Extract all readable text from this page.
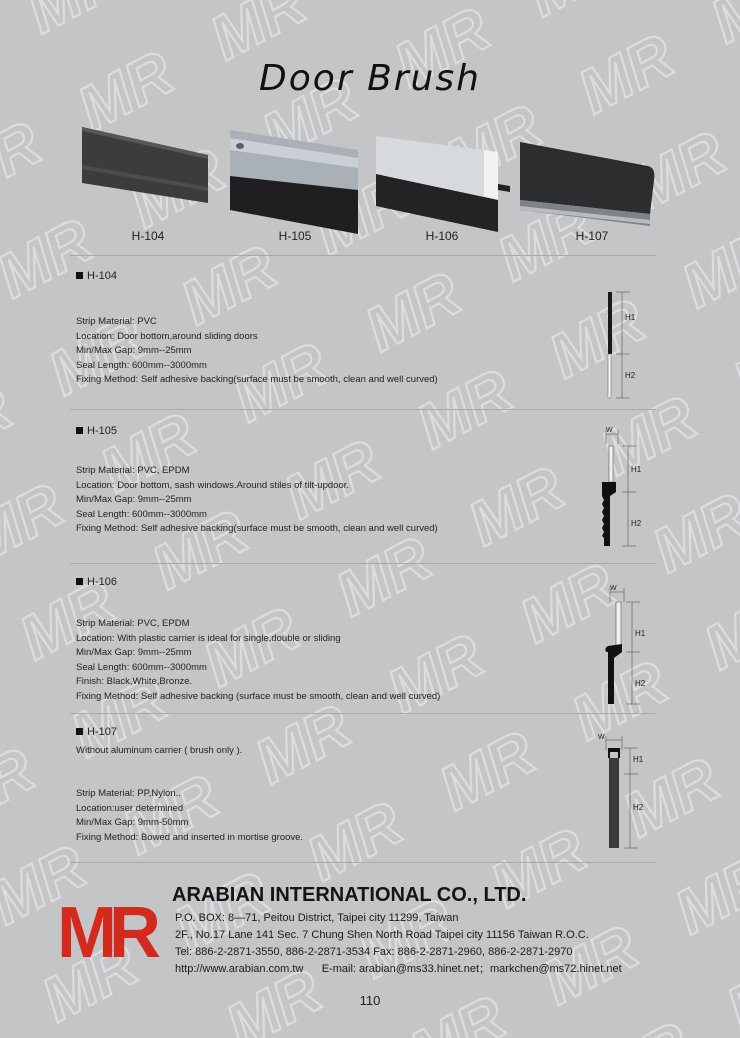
Door Brush
H-104	H-105	H-106	H-107
H-104
Strip Material: PVC
Location: Door bottom,around sliding doors
Min/Max Gap: 9mm--25mm
Seal Length: 600mm--3000mm
Fixing Method: Self adhesive backing(surface must be smooth, clean and well curved)
H1
H2
H-105
Strip Material: PVC, EPDM
Location: Door bottom, sash windows.Around stiles of tilt-updoor.
Min/Max Gap: 9mm--25mm
Seal Length: 600mm--3000mm
Fixing Method: Self adhesive backing(surface must be smooth, clean and well curved)
W
H1
H2
H-106
Strip Material: PVC, EPDM
Location: With plastic carrier is ideal for single,double or sliding
Min/Max Gap: 9mm--25mm
Seal Length: 600mm--3000mm
Finish: Black,White,Bronze.
Fixing Method: Self adhesive backing (surface must be smooth, clean and well curved)
W
H1
H2
H-107
Without aluminum carrier ( brush only ).
Strip Material: PP,Nylon..
Location:user determined
Min/Max Gap: 9mm-50mm
Fixing Method: Bowed and inserted in mortise groove.
W
H1
H2
MR ARABIAN INTERNATIONAL CO., LTD.
P.O. BOX: 8—71, Peitou District, Taipei city 11299, Taiwan
2F., No.17 Lane 141 Sec. 7 Chung Shen North Road Taipei city 11156 Taiwan R.O.C.
Tel: 886-2-2871-3550, 886-2-2871-3534 Fax: 886-2-2871-2960, 886-2-2871-2970
http://www.arabian.com.tw      E-mail: arabian@ms33.hinet.net；markchen@ms72.hinet.net
110
